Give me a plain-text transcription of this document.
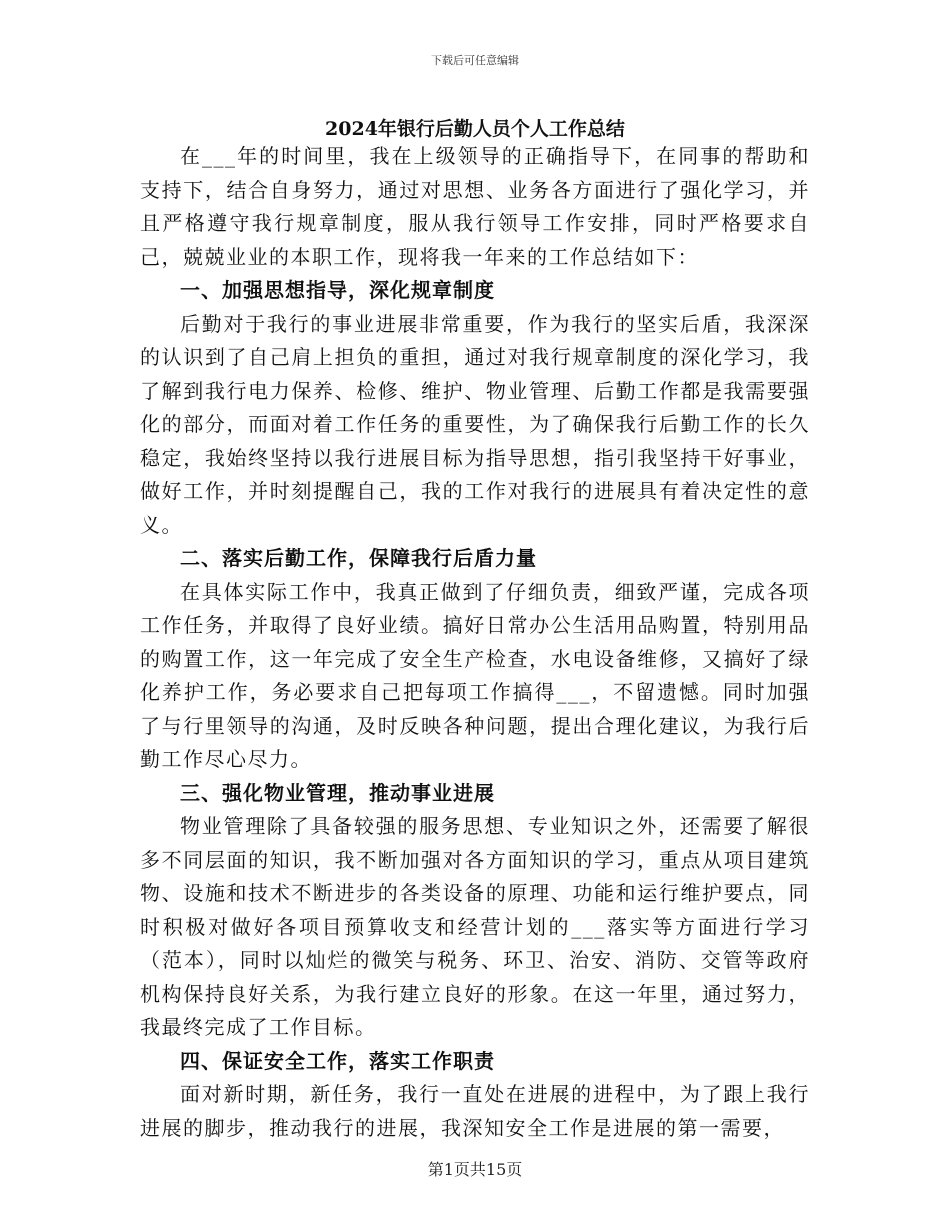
下载后可任意编辑
2024年银行后勤人员个人工作总结

在___年的时间里，我在上级领导的正确指导下，在同事的帮助和支持下，结合自身努力，通过对思想、业务各方面进行了强化学习，并且严格遵守我行规章制度，服从我行领导工作安排，同时严格要求自己，兢兢业业的本职工作，现将我一年来的工作总结如下：

一、加强思想指导，深化规章制度

后勤对于我行的事业进展非常重要，作为我行的坚实后盾，我深深的认识到了自己肩上担负的重担，通过对我行规章制度的深化学习，我了解到我行电力保养、检修、维护、物业管理、后勤工作都是我需要强化的部分，而面对着工作任务的重要性，为了确保我行后勤工作的长久稳定，我始终坚持以我行进展目标为指导思想，指引我坚持干好事业，做好工作，并时刻提醒自己，我的工作对我行的进展具有着决定性的意义。

二、落实后勤工作，保障我行后盾力量

在具体实际工作中，我真正做到了仔细负责，细致严谨，完成各项工作任务，并取得了良好业绩。搞好日常办公生活用品购置，特别用品的购置工作，这一年完成了安全生产检查，水电设备维修，又搞好了绿化养护工作，务必要求自己把每项工作搞得___，不留遗憾。同时加强了与行里领导的沟通，及时反映各种问题，提出合理化建议，为我行后勤工作尽心尽力。

三、强化物业管理，推动事业进展

物业管理除了具备较强的服务思想、专业知识之外，还需要了解很多不同层面的知识，我不断加强对各方面知识的学习，重点从项目建筑物、设施和技术不断进步的各类设备的原理、功能和运行维护要点，同时积极对做好各项目预算收支和经营计划的___落实等方面进行学习（范本），同时以灿烂的微笑与税务、环卫、治安、消防、交管等政府机构保持良好关系，为我行建立良好的形象。在这一年里，通过努力，我最终完成了工作目标。

四、保证安全工作，落实工作职责

面对新时期，新任务，我行一直处在进展的进程中，为了跟上我行进展的脚步，推动我行的进展，我深知安全工作是进展的第一需要，

第1页共15页
